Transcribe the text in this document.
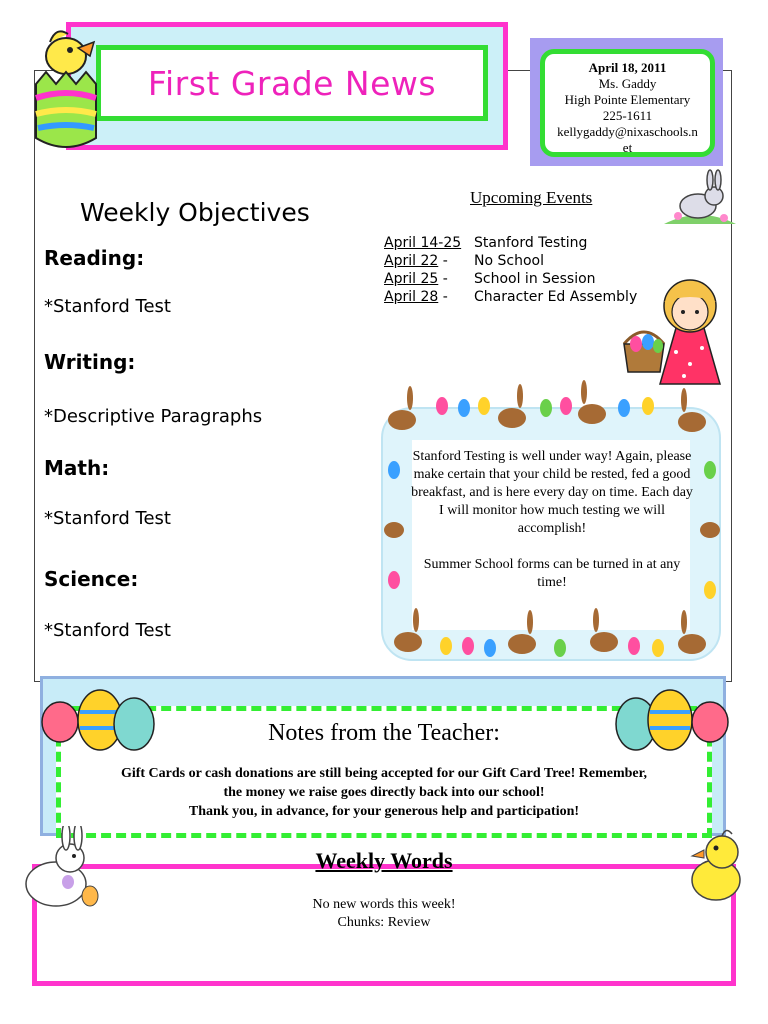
First Grade News	April 18, 2011
Ms. Gaddy
High Pointe Elementary
225-1611
kellygaddy@nixaschools.n
et
Weekly Objectives
Reading:
*Stanford Test
Writing:
*Descriptive Paragraphs
Math:
*Stanford Test
Science:
*Stanford Test
Upcoming Events
April 14-25 Stanford Testing
April 22 -	No School
April 25 -	School in Session
April 28 -	Character Ed Assembly
Stanford Testing is well under way! Again, please make certain that your child be rested, fed a good breakfast, and is here every day on time. Each day I will monitor how much testing we will accomplish!
Summer School forms can be turned in at any time!
Notes from the Teacher:
Gift Cards or cash donations are still being accepted for our Gift Card Tree! Remember,
the money we raise goes directly back into our school!
Thank you, in advance, for your generous help and participation!
Weekly Words
No new words this week!
Chunks: Review
